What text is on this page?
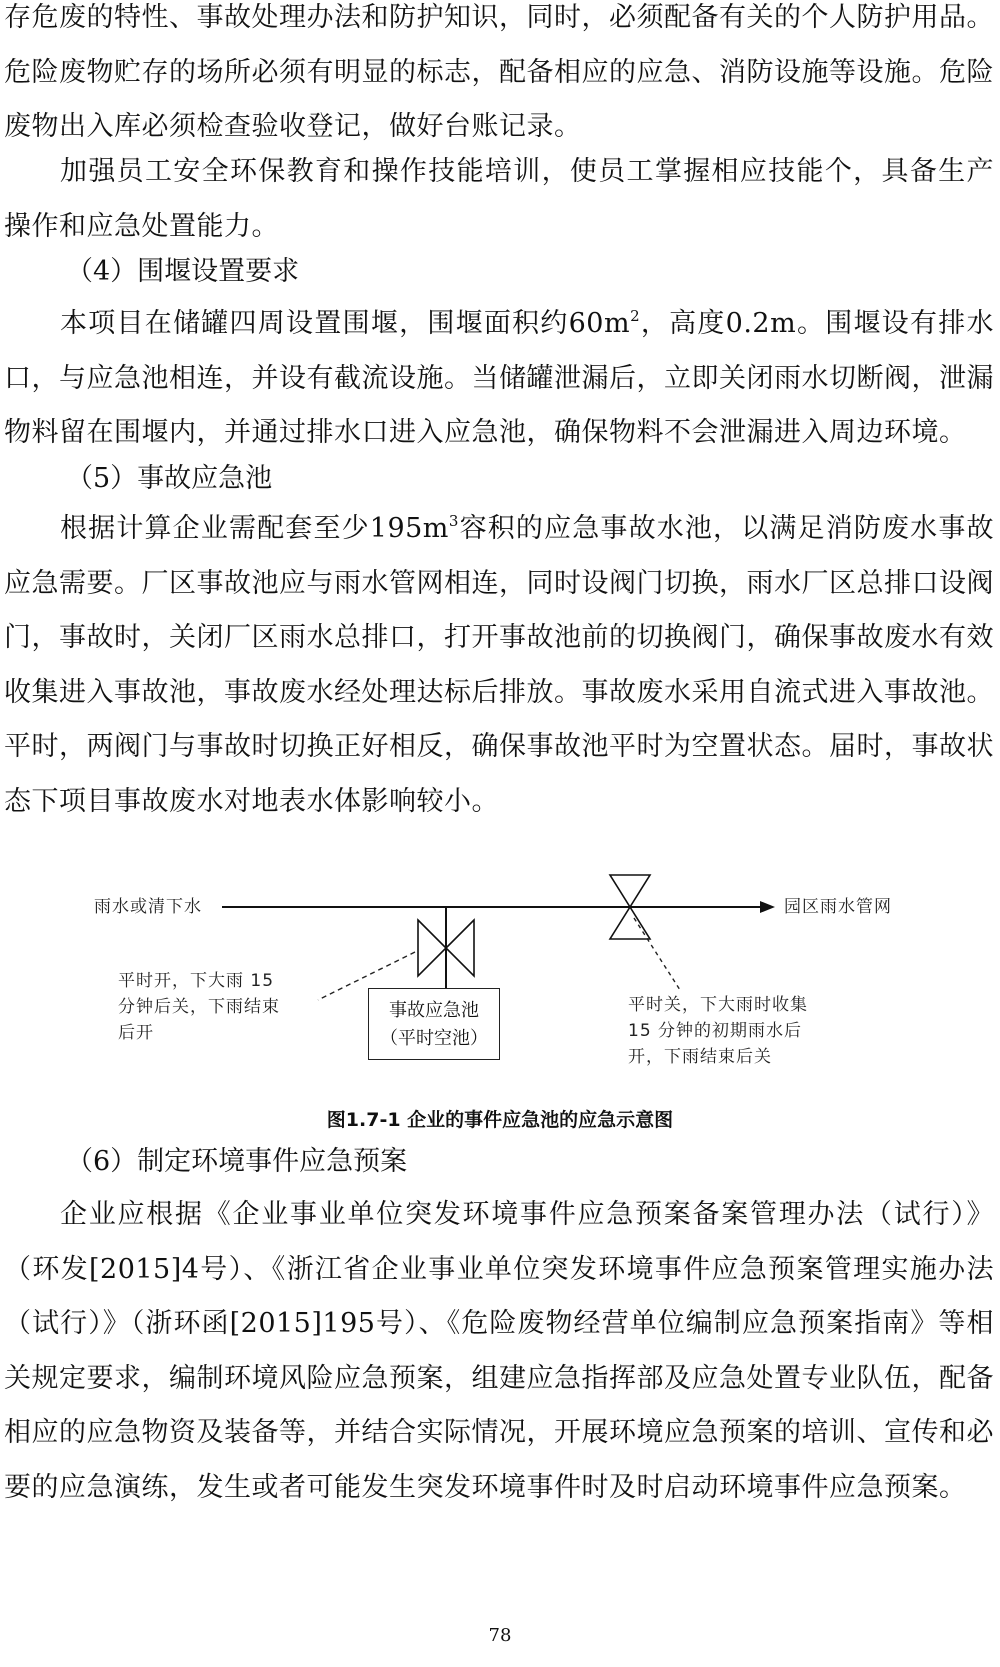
存危废的特性、事故处理办法和防护知识，同时，必须配备有关的个人防护用品。危险废物贮存的场所必须有明显的标志，配备相应的应急、消防设施等设施。危险废物出入库必须检查验收登记，做好台账记录。

加强员工安全环保教育和操作技能培训，使员工掌握相应技能个，具备生产操作和应急处置能力。

（4）围堰设置要求

本项目在储罐四周设置围堰，围堰面积约$60m^2$，高度0.2m。围堰设有排水口，与应急池相连，并设有截流设施。当储罐泄漏后，立即关闭雨水切断阀，泄漏物料留在围堰内，并通过排水口进入应急池，确保物料不会泄漏进入周边环境。

（5）事故应急池

根据计算企业需配套至少$195m^3$容积的应急事故水池，以满足消防废水事故应急需要。厂区事故池应与雨水管网相连，同时设阀门切换，雨水厂区总排口设阀门，事故时，关闭厂区雨水总排口，打开事故池前的切换阀门，确保事故废水有效收集进入事故池，事故废水经处理达标后排放。事故废水采用自流式进入事故池。平时，两阀门与事故时切换正好相反，确保事故池平时为空置状态。届时，事故状态下项目事故废水对地表水体影响较小。

雨水或清下水	园区雨水管网
事故应急池
（平时空池）
平时开，下大雨 15
分钟后关，下雨结束
后开
平时关，下大雨时收集
15 分钟的初期雨水后
开，下雨结束后关

图1.7-1 企业的事件应急池的应急示意图

（6）制定环境事件应急预案

企业应根据《企业事业单位突发环境事件应急预案备案管理办法（试行）》（环发[2015]4号）、《浙江省企业事业单位突发环境事件应急预案管理实施办法（试行）》（浙环函[2015]195号）、《危险废物经营单位编制应急预案指南》等相关规定要求，编制环境风险应急预案，组建应急指挥部及应急处置专业队伍，配备相应的应急物资及装备等，并结合实际情况，开展环境应急预案的培训、宣传和必要的应急演练，发生或者可能发生突发环境事件时及时启动环境事件应急预案。

78
